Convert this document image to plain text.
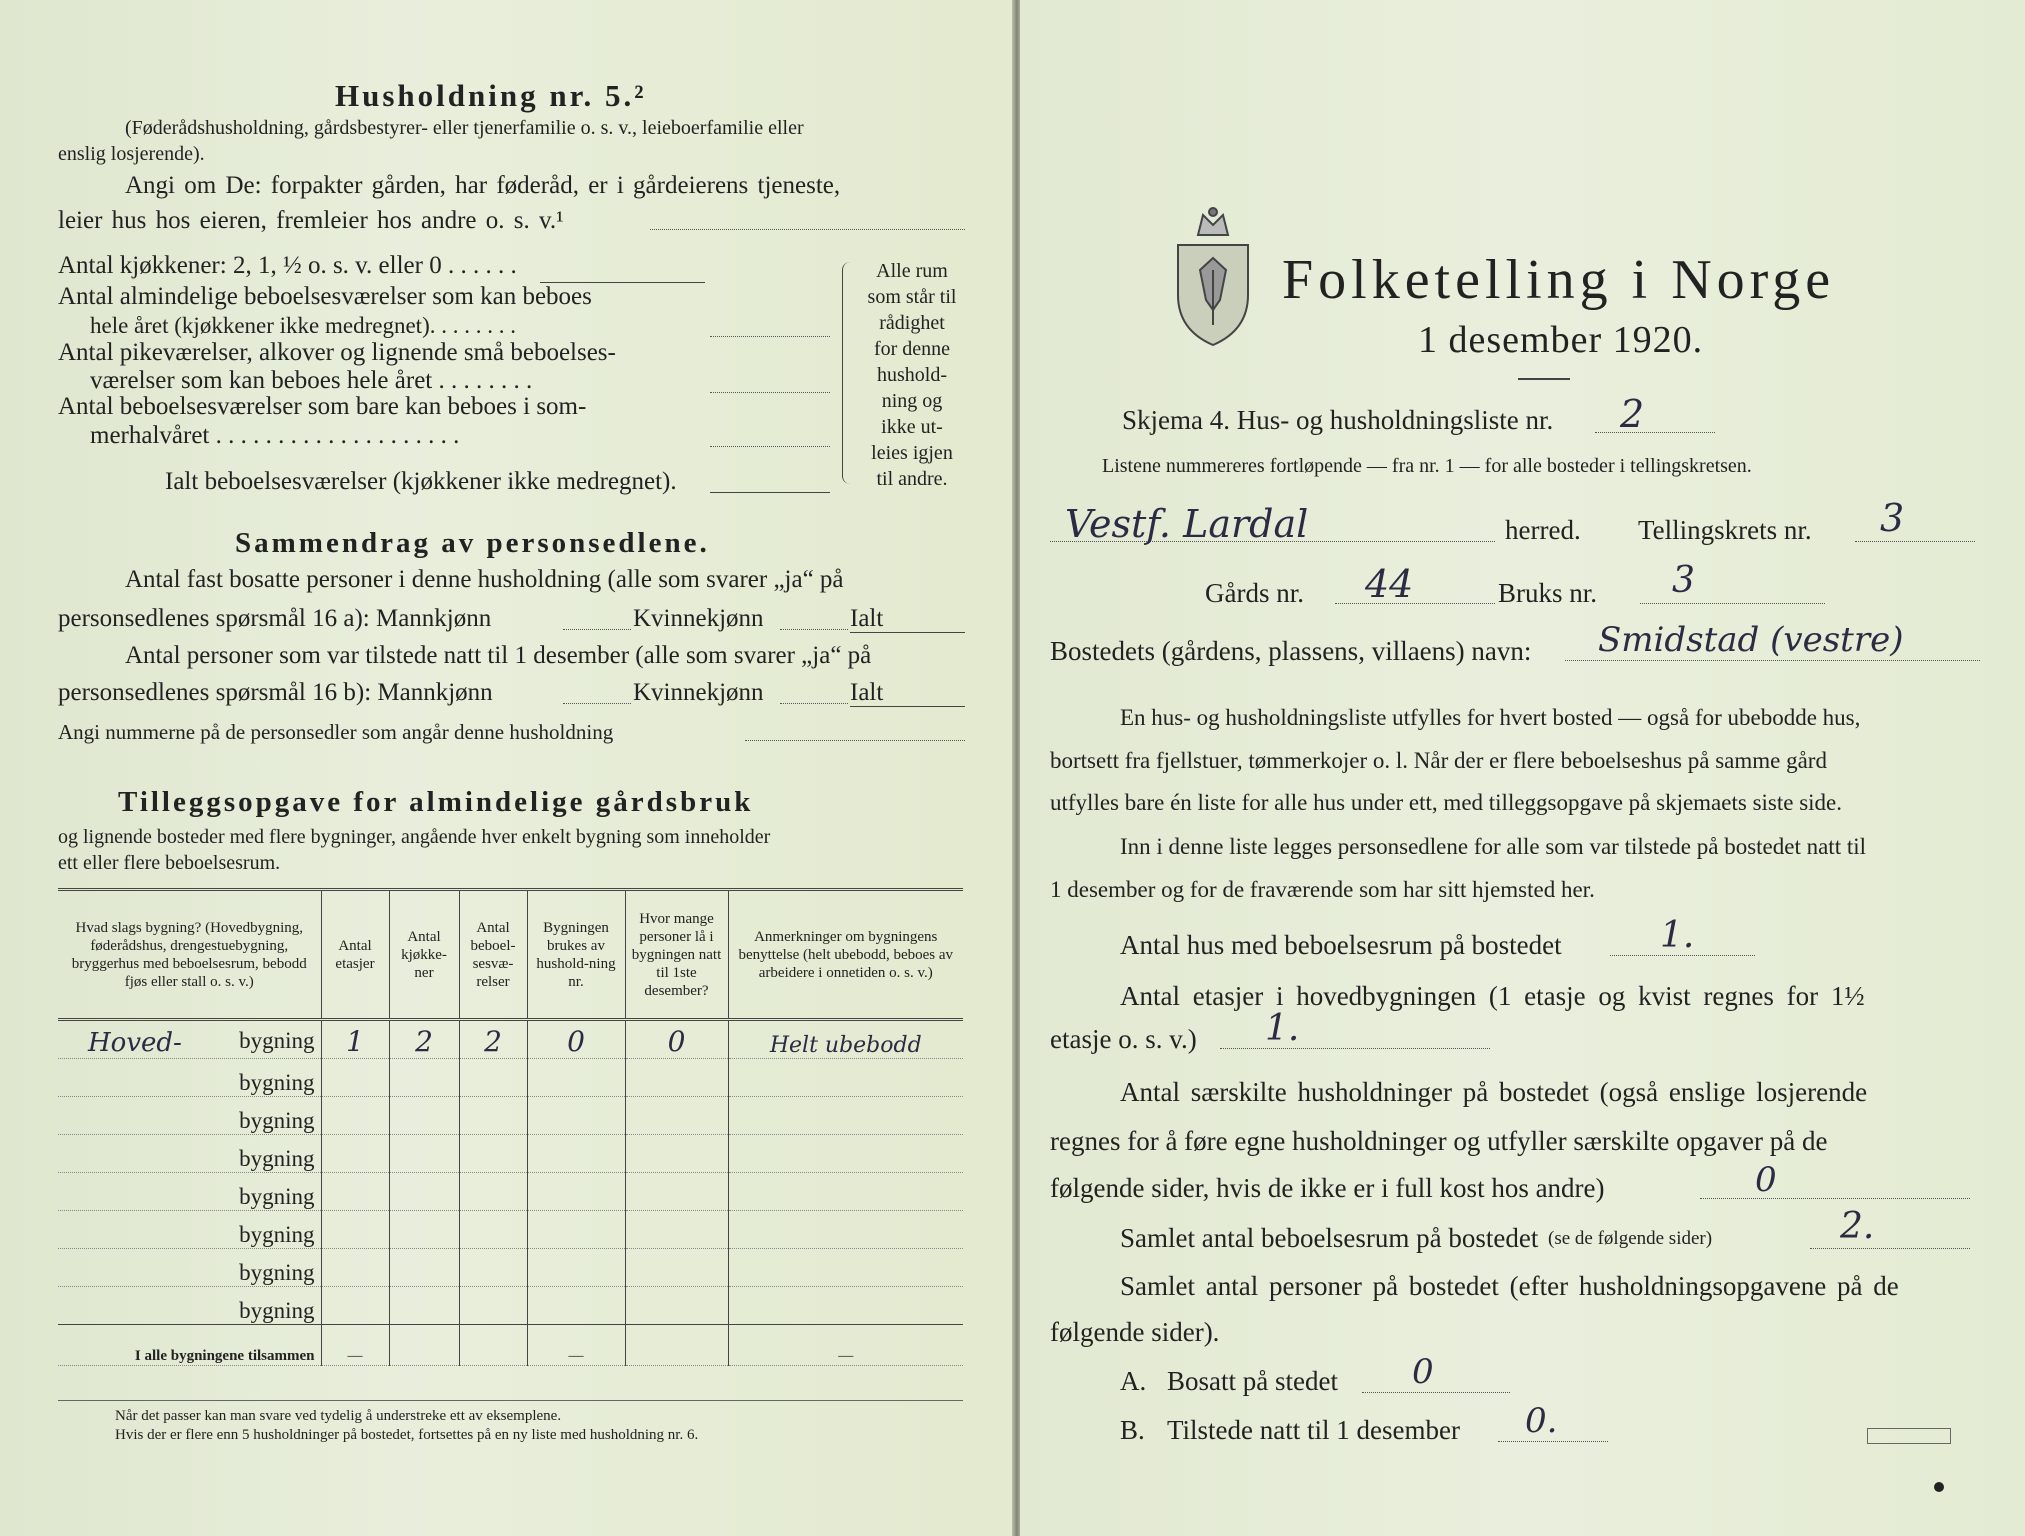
Husholdning nr. 5.²
(Føderådshusholdning, gårdsbestyrer- eller tjenerfamilie o. s. v., leieboerfamilie eller
enslig losjerende).
Angi om De: forpakter gården, har føderåd, er i gårdeierens tjeneste,
leier hus hos eieren, fremleier hos andre o. s. v.¹
Antal kjøkkener: 2, 1, ½ o. s. v. eller 0 . . . . . .
Antal almindelige beboelsesværelser som kan beboes
hele året (kjøkkener ikke medregnet). . . . . . . .
Antal pikeværelser, alkover og lignende små beboelses-
værelser som kan beboes hele året . . . . . . . .
Antal beboelsesværelser som bare kan beboes i som-
merhalvåret . . . . . . . . . . . . . . . . . . . .
Ialt beboelsesværelser (kjøkkener ikke medregnet).
Alle rum
som står til
rådighet
for denne
hushold-
ning og
ikke ut-
leies igjen
til andre.
Sammendrag av personsedlene.
Antal fast bosatte personer i denne husholdning (alle som svarer „ja“ på
personsedlenes spørsmål 16 a): Mannkjønn	Kvinnekjønn	Ialt
Antal personer som var tilstede natt til 1 desember (alle som svarer „ja“ på
personsedlenes spørsmål 16 b): Mannkjønn	Kvinnekjønn	Ialt
Angi nummerne på de personsedler som angår denne husholdning
Tilleggsopgave for almindelige gårdsbruk
og lignende bosteder med flere bygninger, angående hver enkelt bygning som inneholder
ett eller flere beboelsesrum.
Hvad slags bygning? (Hovedbygning, føderådshus, drengestuebygning, bryggerhus med beboelsesrum, bebodd fjøs eller stall o. s. v.)	Antal etasjer	Antal kjøkke-ner	Antal beboel-sesvæ-relser	Bygningen brukes av hushold-ning nr.	Hvor mange personer lå i bygningen natt til 1ste desember?	Anmerkninger om bygningens benyttelse (helt ubebodd, beboes av arbeidere i onnetiden o. s. v.)

Hoved- bygning	1	2	2	0	0	Helt ubebodd

bygning						

bygning						

bygning						

bygning						

bygning						

bygning						

bygning						
I alle bygningene tilsammen	—			—		—
Når det passer kan man svare ved tydelig å understreke ett av eksemplene.
Hvis der er flere enn 5 husholdninger på bostedet, fortsettes på en ny liste med husholdning nr. 6.
Folketelling i Norge
1 desember 1920.
Skjema 4. Hus- og husholdningsliste nr. 2
Listene nummereres fortløpende — fra nr. 1 — for alle bosteder i tellingskretsen.
Vestf. Lardal	herred. Tellingskrets nr. 3
Gårds nr. 44	Bruks nr. 3
Bostedets (gårdens, plassens, villaens) navn: Smidstad (vestre)
En hus- og husholdningsliste utfylles for hvert bosted — også for ubebodde hus,
bortsett fra fjellstuer, tømmerkojer o. l. Når der er flere beboelseshus på samme gård
utfylles bare én liste for alle hus under ett, med tilleggsopgave på skjemaets siste side.
Inn i denne liste legges personsedlene for alle som var tilstede på bostedet natt til
1 desember og for de fraværende som har sitt hjemsted her.
Antal hus med beboelsesrum på bostedet	1.
Antal etasjer i hovedbygningen (1 etasje og kvist regnes for 1½
etasje o. s. v.) 1.
Antal særskilte husholdninger på bostedet (også enslige losjerende
regnes for å føre egne husholdninger og utfyller særskilte opgaver på de
følgende sider, hvis de ikke er i full kost hos andre)	0
Samlet antal beboelsesrum på bostedet (se de følgende sider)	2.
Samlet antal personer på bostedet (efter husholdningsopgavene på de
følgende sider).
A. Bosatt på stedet 0
B. Tilstede natt til 1 desember 0.
